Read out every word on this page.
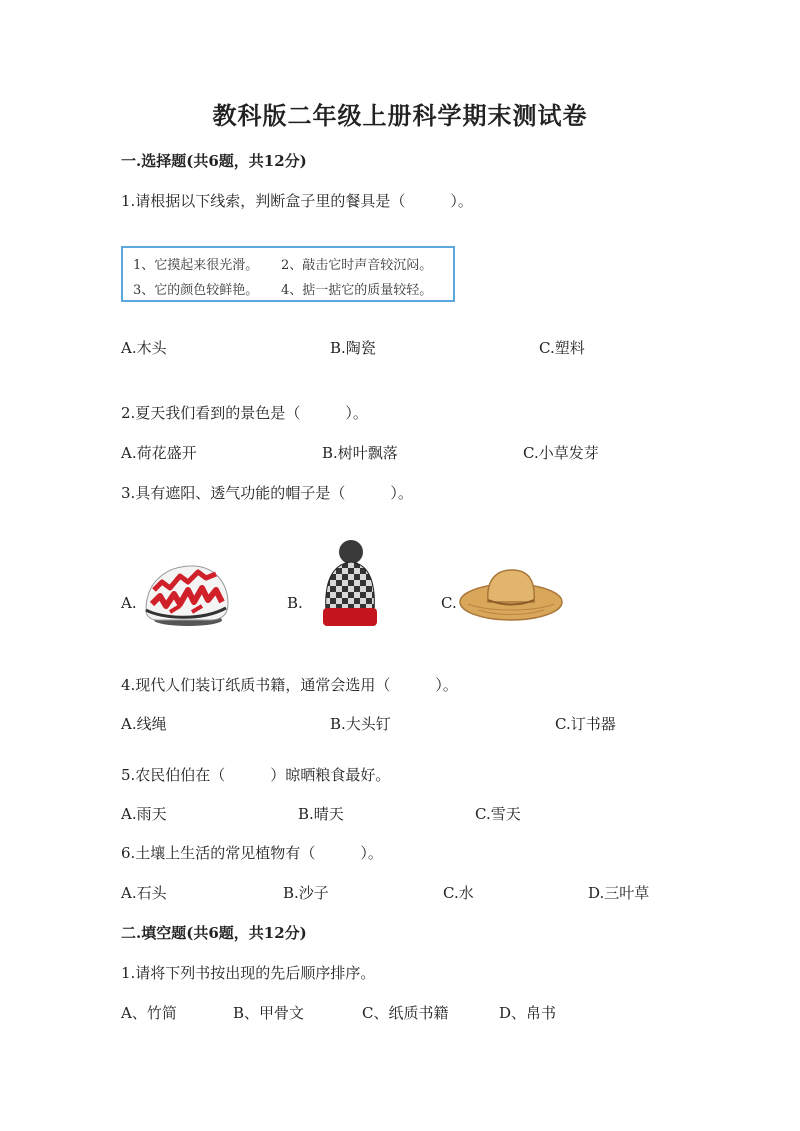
教科版二年级上册科学期末测试卷
一.选择题(共6题，共12分)
1.请根据以下线索，判断盒子里的餐具是（　　　）。
1、它摸起来很光滑。 2、敲击它时声音较沉闷。
3、它的颜色较鲜艳。 4、掂一掂它的质量较轻。
A.木头	B.陶瓷	C.塑料
2.夏天我们看到的景色是（　　　）。
A.荷花盛开	B.树叶飘落	C.小草发芽
3.具有遮阳、透气功能的帽子是（　　　）。
A.	B.	C.
4.现代人们装订纸质书籍，通常会选用（　　　）。
A.线绳	B.大头钉	C.订书器
5.农民伯伯在（　　　）晾晒粮食最好。
A.雨天	B.晴天	C.雪天
6.土壤上生活的常见植物有（　　　）。
A.石头	B.沙子	C.水	D.三叶草
二.填空题(共6题，共12分)
1.请将下列书按出现的先后顺序排序。
A、竹简	B、甲骨文	C、纸质书籍	D、帛书
